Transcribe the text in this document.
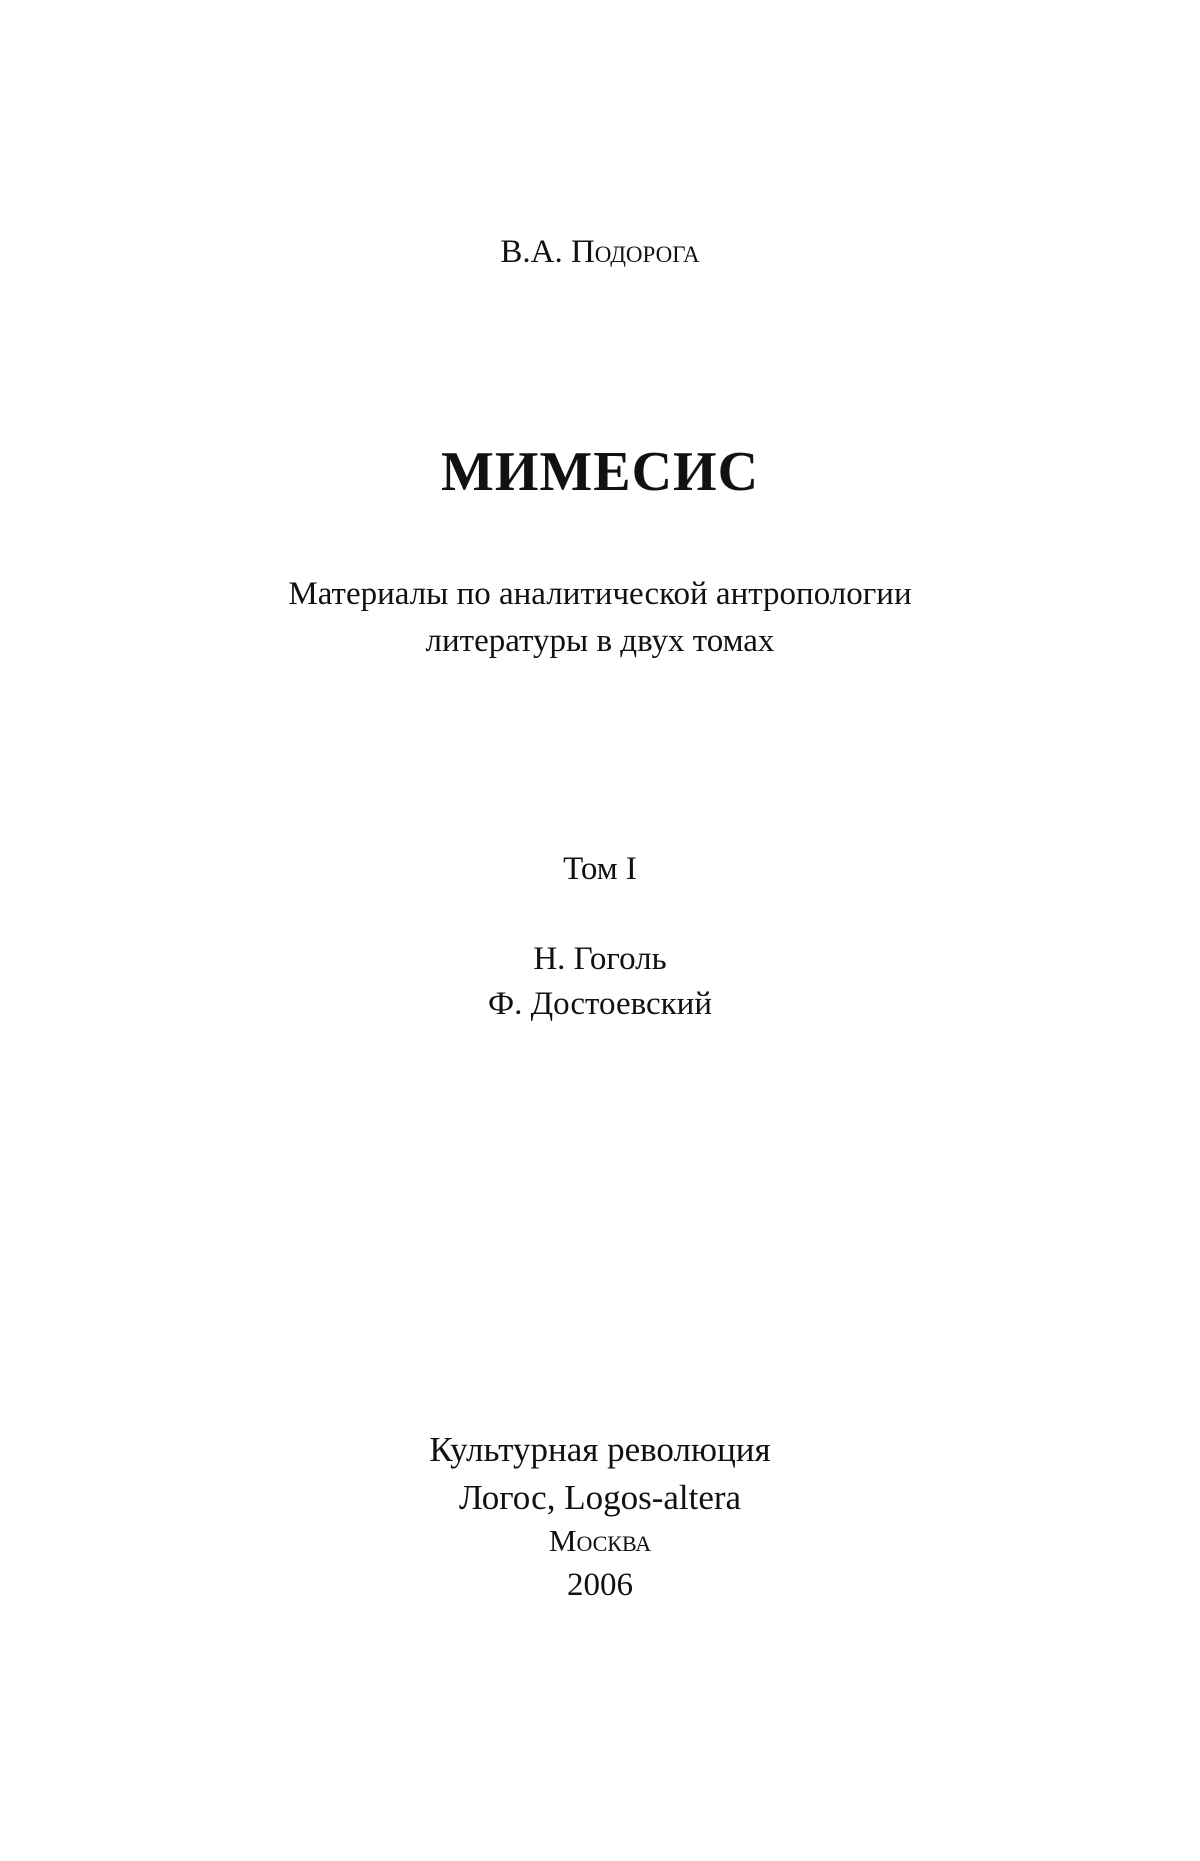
В.А. Подорога
МИМЕСИС
Материалы по аналитической антропологии
литературы в двух томах
Том I
Н. Гоголь
Ф. Достоевский
Культурная революция
Логос, Logos-altera
Москва
2006
